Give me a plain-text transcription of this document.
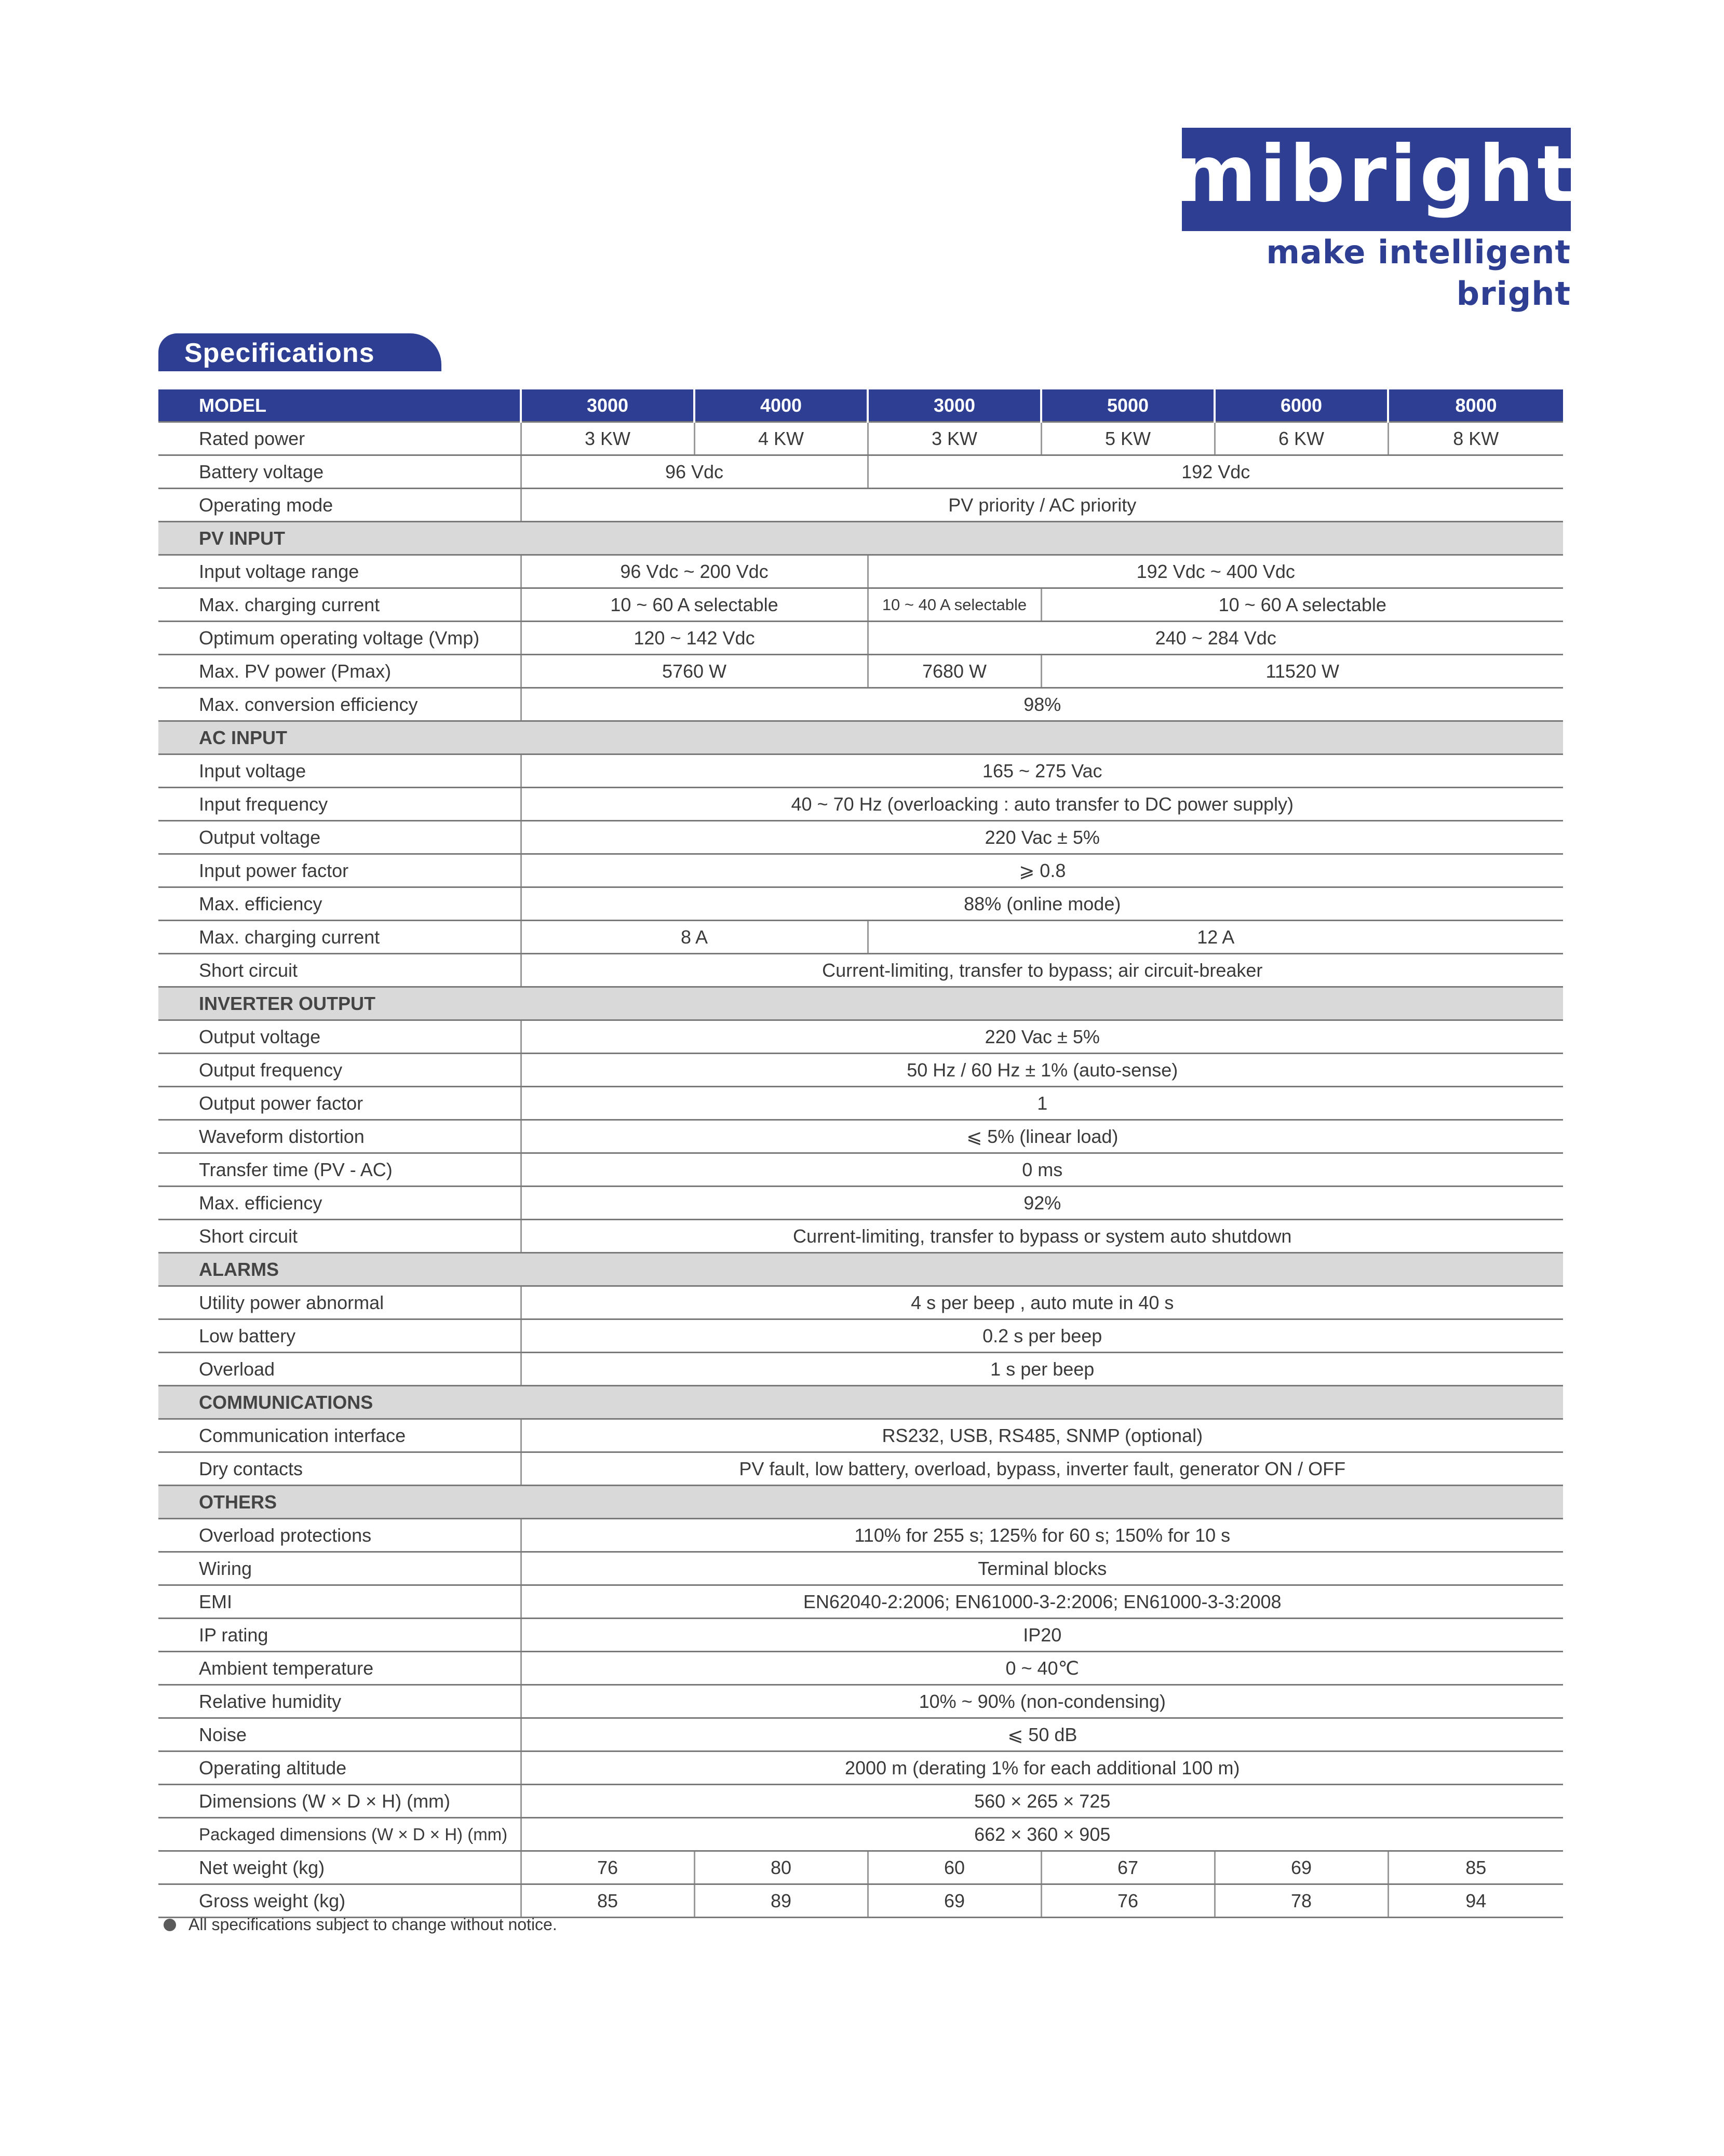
mibright
make intelligent bright
Specifications
MODEL	3000	4000	3000	5000	6000	8000
Rated power	3 KW	4 KW	3 KW	5 KW	6 KW	8 KW
Battery voltage	96 Vdc		192 Vdc			
Operating mode	PV priority / AC priority					
PV INPUT						
Input voltage range	96 Vdc ~ 200 Vdc		192 Vdc ~ 400 Vdc			
Max. charging current	10 ~ 60 A selectable		10 ~ 40 A selectable	10 ~ 60 A selectable		
Optimum operating voltage (Vmp)	120 ~ 142 Vdc		240 ~ 284 Vdc			
Max. PV power (Pmax)	5760 W		7680 W	11520 W		
Max. conversion efficiency	98%					
AC INPUT						
Input voltage	165 ~ 275 Vac					
Input frequency	40 ~ 70 Hz (overloacking : auto transfer to DC power supply)					
Output voltage	220 Vac ± 5%					
Input power factor	⩾ 0.8					
Max. efficiency	88% (online mode)					
Max. charging current	8 A		12 A			
Short circuit	Current-limiting, transfer to bypass; air circuit-breaker					
INVERTER OUTPUT						
Output voltage	220 Vac ± 5%					
Output frequency	50 Hz / 60 Hz ± 1% (auto-sense)					
Output power factor	1					
Waveform distortion	⩽ 5% (linear load)					
Transfer time (PV - AC)	0 ms					
Max. efficiency	92%					
Short circuit	Current-limiting, transfer to bypass or system auto shutdown					
ALARMS						
Utility power abnormal	4 s per beep , auto mute in 40 s					
Low battery	0.2 s per beep					
Overload	1 s per beep					
COMMUNICATIONS						
Communication interface	RS232, USB, RS485, SNMP (optional)					
Dry contacts	PV fault, low battery, overload, bypass, inverter fault, generator ON / OFF					
OTHERS						
Overload protections	110% for 255 s; 125% for 60 s; 150% for 10 s					
Wiring	Terminal blocks					
EMI	EN62040-2:2006; EN61000-3-2:2006; EN61000-3-3:2008					
IP rating	IP20					
Ambient temperature	0 ~ 40℃					
Relative humidity	10% ~ 90% (non-condensing)					
Noise	⩽ 50 dB					
Operating altitude	2000 m (derating 1% for each additional 100 m)					
Dimensions (W × D × H) (mm)	560 × 265 × 725					
Packaged dimensions (W × D × H) (mm)	662 × 360 × 905					
Net weight (kg)	76	80	60	67	69	85
Gross weight (kg)	85	89	69	76	78	94
All specifications subject to change without notice.
